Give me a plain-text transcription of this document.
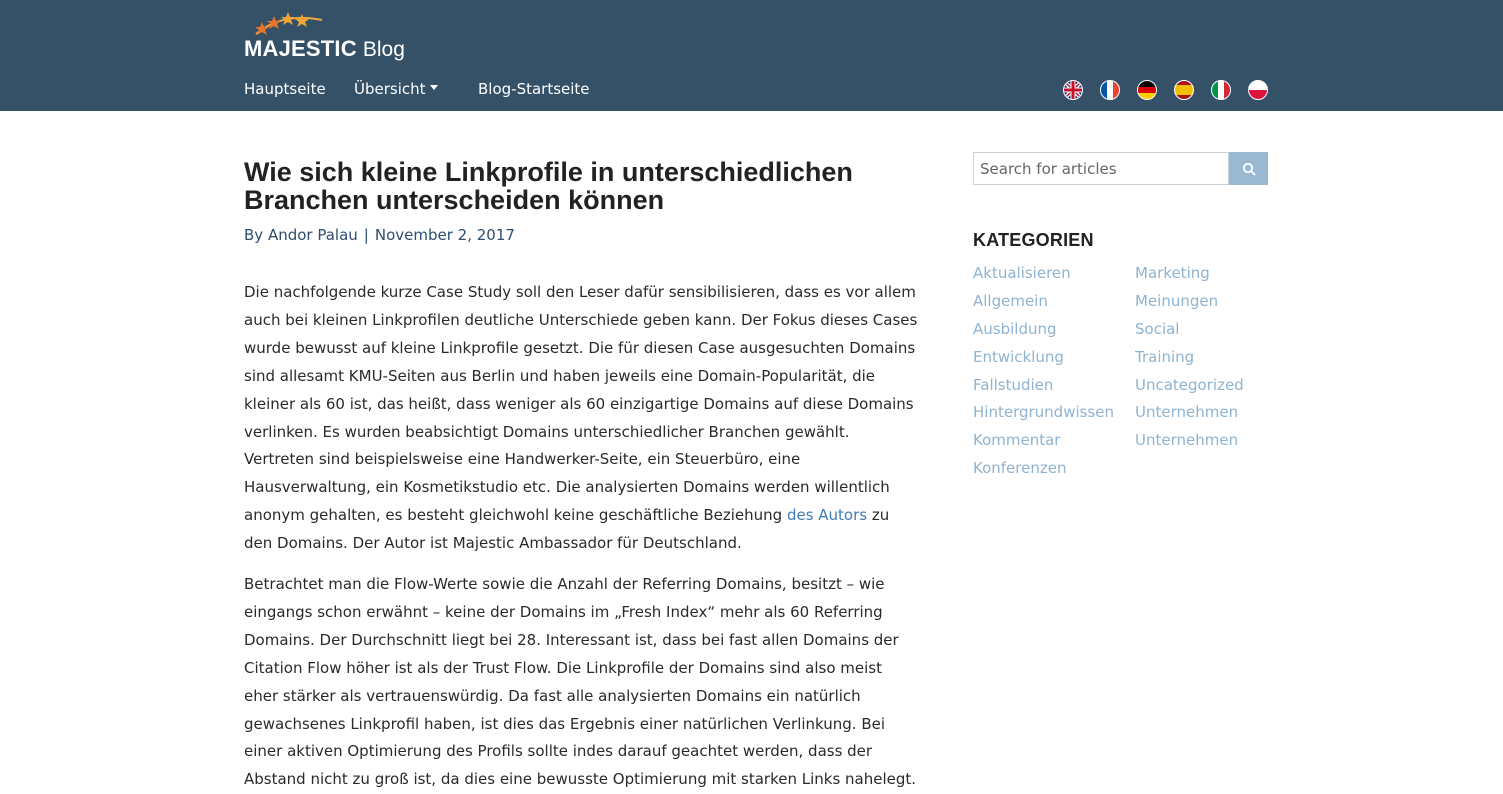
MAJESTIC Blog
Hauptseite Übersicht	Blog-Startseite
Wie sich kleine Linkprofile in unterschiedlichen Branchen unterscheiden können
By Andor Palau | November 2, 2017

Die nachfolgende kurze Case Study soll den Leser dafür sensibilisieren, dass es vor allem auch bei kleinen Linkprofilen deutliche Unterschiede geben kann. Der Fokus dieses Cases wurde bewusst auf kleine Linkprofile gesetzt. Die für diesen Case ausgesuchten Domains sind allesamt KMU-Seiten aus Berlin und haben jeweils eine Domain-Popularität, die kleiner als 60 ist, das heißt, dass weniger als 60 einzigartige Domains auf diese Domains verlinken. Es wurden beabsichtigt Domains unterschiedlicher Branchen gewählt. Vertreten sind beispielsweise eine Handwerker-Seite, ein Steuerbüro, eine Hausverwaltung, ein Kosmetikstudio etc. Die analysierten Domains werden willentlich anonym gehalten, es besteht gleichwohl keine geschäftliche Beziehung des Autors zu den Domains. Der Autor ist Majestic Ambassador für Deutschland.

Betrachtet man die Flow-Werte sowie die Anzahl der Referring Domains, besitzt – wie eingangs schon erwähnt – keine der Domains im „Fresh Index“ mehr als 60 Referring Domains. Der Durchschnitt liegt bei 28. Interessant ist, dass bei fast allen Domains der Citation Flow höher ist als der Trust Flow. Die Linkprofile der Domains sind also meist eher stärker als vertrauenswürdig. Da fast alle analysierten Domains ein natürlich gewachsenes Linkprofil haben, ist dies das Ergebnis einer natürlichen Verlinkung. Bei einer aktiven Optimierung des Profils sollte indes darauf geachtet werden, dass der Abstand nicht zu groß ist, da dies eine bewusste Optimierung mit starken Links nahelegt.

Search for articles
KATEGORIEN
Aktualisieren
Allgemein
Ausbildung
Entwicklung
Fallstudien
Hintergrundwissen
Kommentar
Konferenzen
Marketing
Meinungen
Social
Training
Uncategorized
Unternehmen
Unternehmen
